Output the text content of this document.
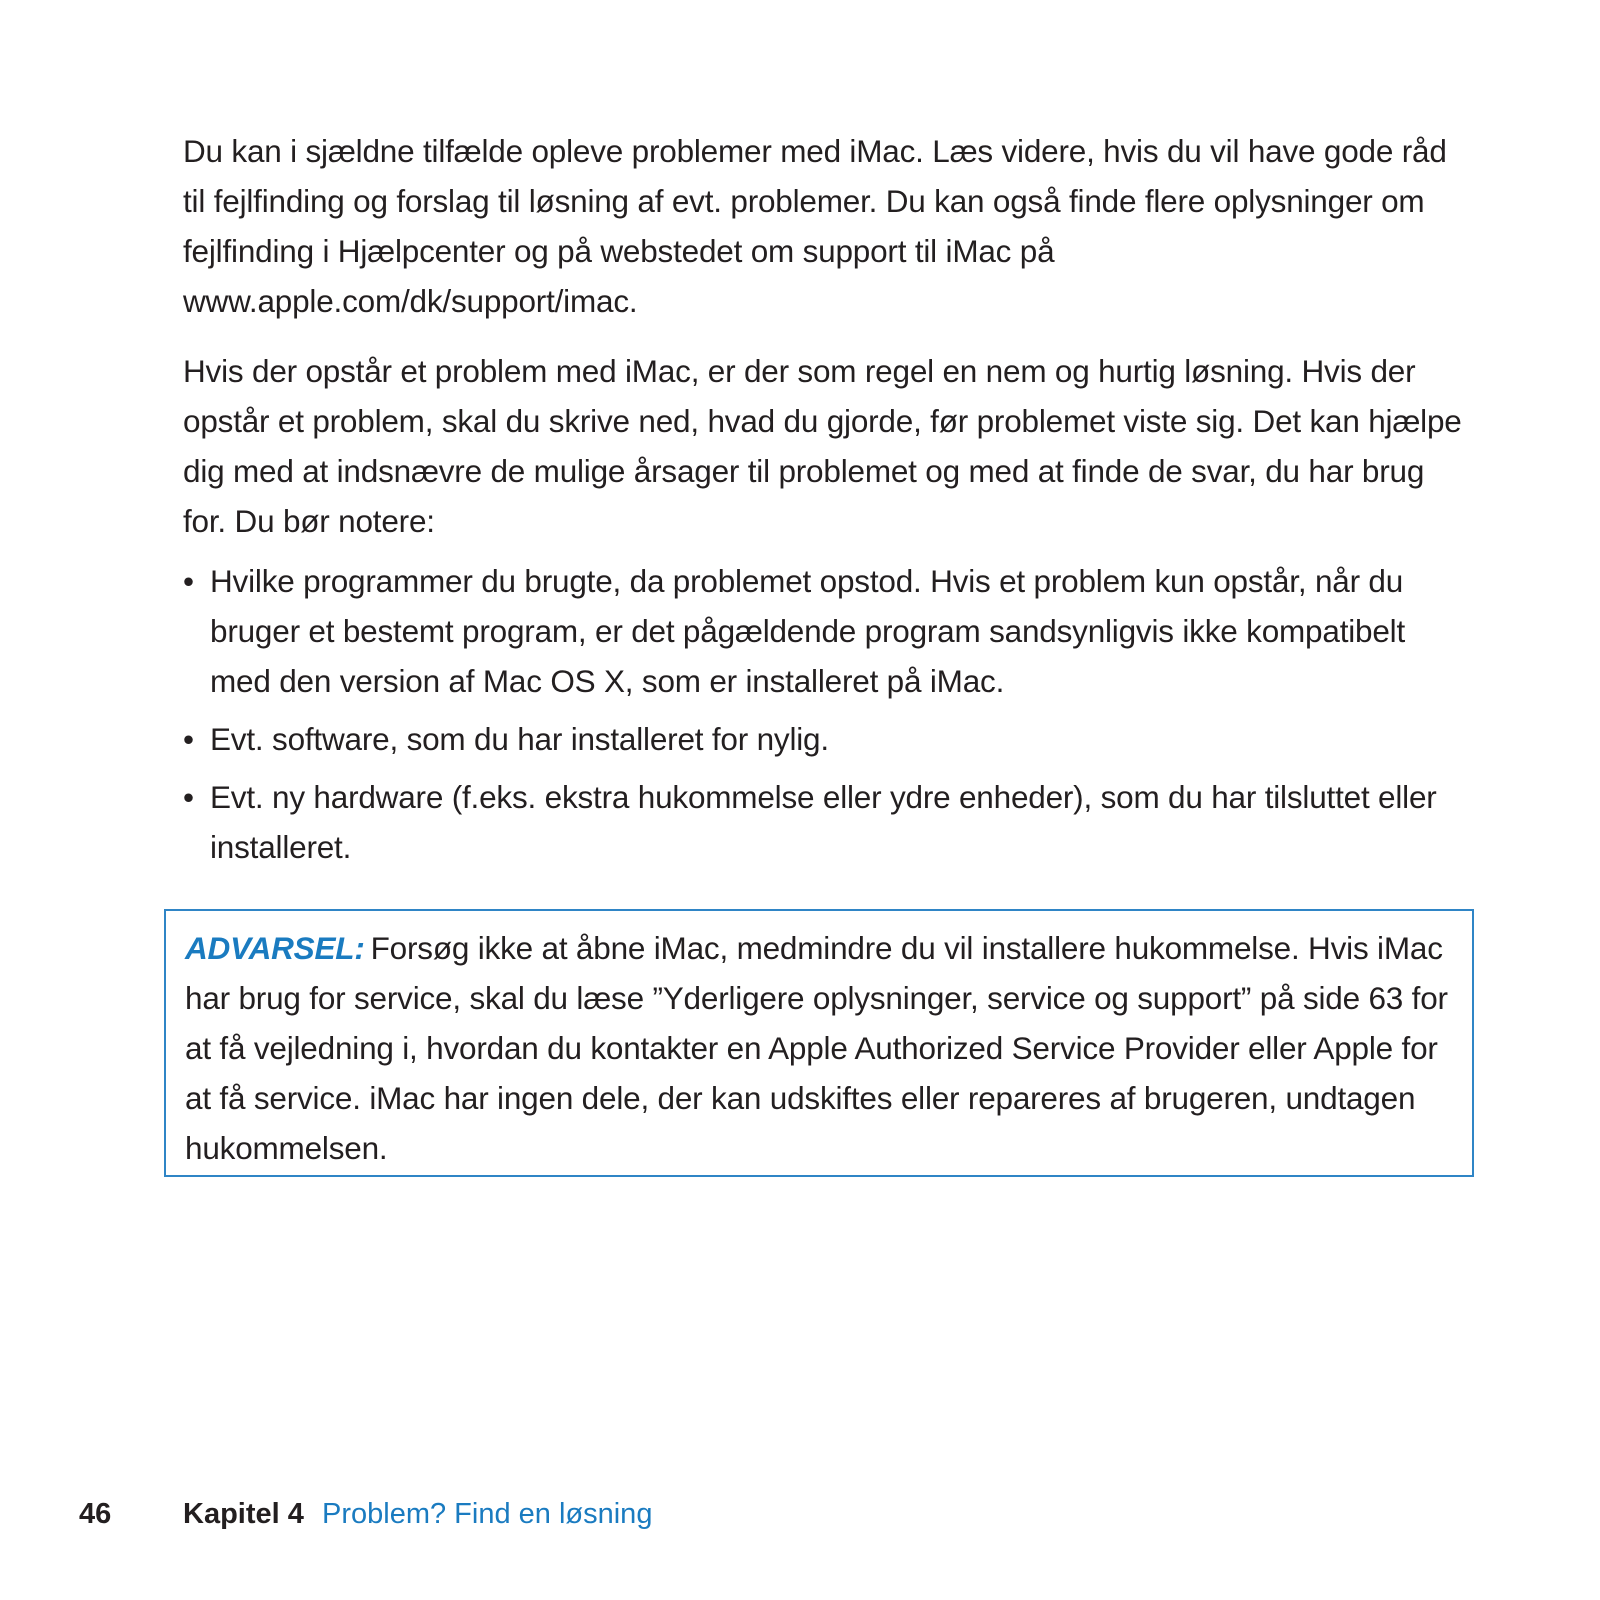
Du kan i sjældne tilfælde opleve problemer med iMac. Læs videre, hvis du vil have gode råd til fejlfinding og forslag til løsning af evt. problemer. Du kan også finde flere oplysninger om fejlfinding i Hjælpcenter og på webstedet om support til iMac på www.apple.com/dk/support/imac.

Hvis der opstår et problem med iMac, er der som regel en nem og hurtig løsning. Hvis der opstår et problem, skal du skrive ned, hvad du gjorde, før problemet viste sig. Det kan hjælpe dig med at indsnævre de mulige årsager til problemet og med at finde de svar, du har brug for. Du bør notere:

• Hvilke programmer du brugte, da problemet opstod. Hvis et problem kun opstår, når du bruger et bestemt program, er det pågældende program sandsynligvis ikke kompatibelt med den version af Mac OS X, som er installeret på iMac.
• Evt. software, som du har installeret for nylig.
• Evt. ny hardware (f.eks. ekstra hukommelse eller ydre enheder), som du har tilsluttet eller installeret.

ADVARSEL: Forsøg ikke at åbne iMac, medmindre du vil installere hukommelse. Hvis iMac har brug for service, skal du læse ”Yderligere oplysninger, service og support” på side 63 for at få vejledning i, hvordan du kontakter en Apple Authorized Service Provider eller Apple for at få service. iMac har ingen dele, der kan udskiftes eller repareres af brugeren, undtagen hukommelsen.

46 Kapitel 4 Problem? Find en løsning
